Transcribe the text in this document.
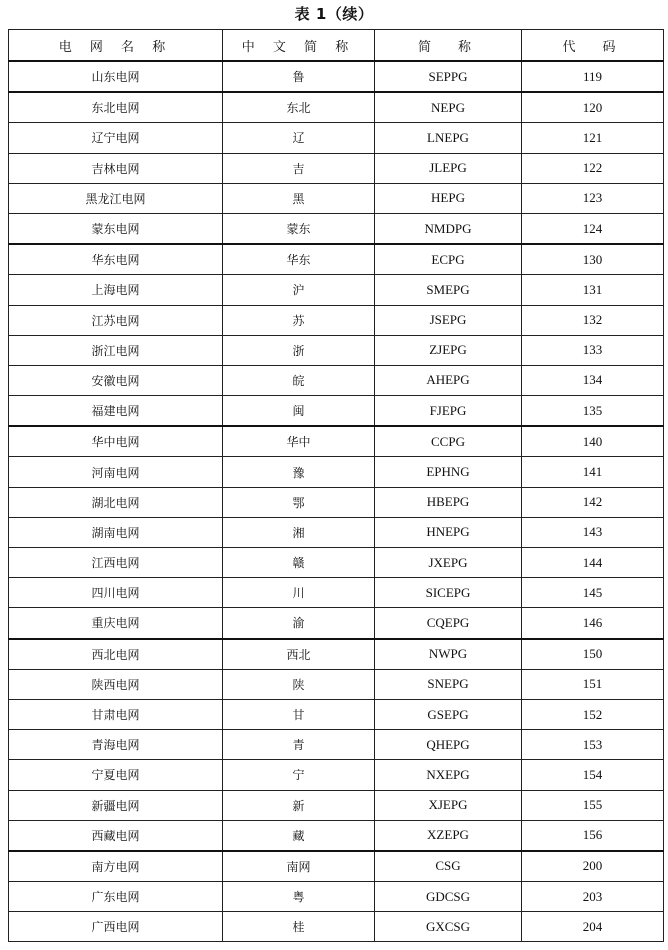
表 1（续）
电 网 名 称	中 文 简 称	简　称	代　码
山东电网	鲁	SEPPG	119
东北电网	东北	NEPG	120
辽宁电网	辽	LNEPG	121
吉林电网	吉	JLEPG	122
黑龙江电网	黑	HEPG	123
蒙东电网	蒙东	NMDPG	124
华东电网	华东	ECPG	130
上海电网	沪	SMEPG	131
江苏电网	苏	JSEPG	132
浙江电网	浙	ZJEPG	133
安徽电网	皖	AHEPG	134
福建电网	闽	FJEPG	135
华中电网	华中	CCPG	140
河南电网	豫	EPHNG	141
湖北电网	鄂	HBEPG	142
湖南电网	湘	HNEPG	143
江西电网	赣	JXEPG	144
四川电网	川	SICEPG	145
重庆电网	渝	CQEPG	146
西北电网	西北	NWPG	150
陕西电网	陕	SNEPG	151
甘肃电网	甘	GSEPG	152
青海电网	青	QHEPG	153
宁夏电网	宁	NXEPG	154
新疆电网	新	XJEPG	155
西藏电网	藏	XZEPG	156
南方电网	南网	CSG	200
广东电网	粤	GDCSG	203
广西电网	桂	GXCSG	204
